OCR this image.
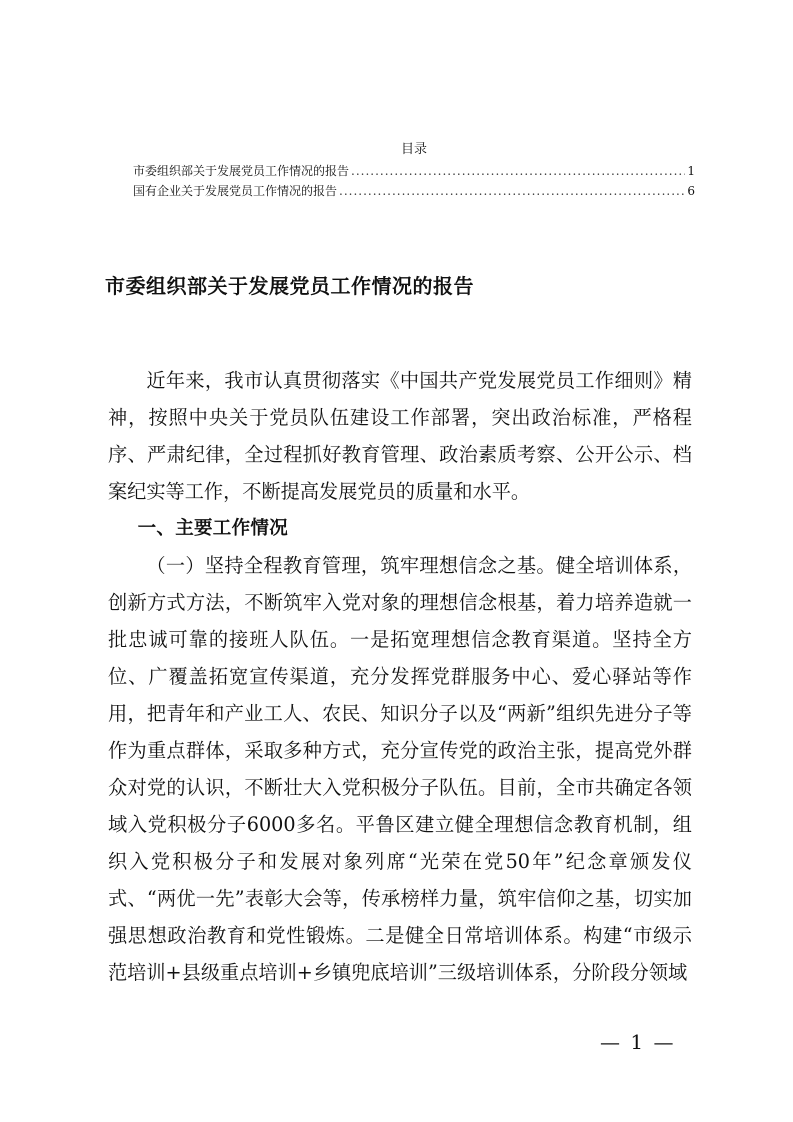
目录
市委组织部关于发展党员工作情况的报告 .....	1
国有企业关于发展党员工作情况的报告 .....	6
市委组织部关于发展党员工作情况的报告

近年来，我市认真贯彻落实《中国共产党发展党员工作细则》精神，按照中央关于党员队伍建设工作部署，突出政治标准，严格程序、严肃纪律，全过程抓好教育管理、政治素质考察、公开公示、档案纪实等工作，不断提高发展党员的质量和水平。

一、主要工作情况

（一）坚持全程教育管理，筑牢理想信念之基。健全培训体系，创新方式方法，不断筑牢入党对象的理想信念根基，着力培养造就一批忠诚可靠的接班人队伍。一是拓宽理想信念教育渠道。坚持全方位、广覆盖拓宽宣传渠道，充分发挥党群服务中心、爱心驿站等作用，把青年和产业工人、农民、知识分子以及“两新”组织先进分子等作为重点群体，采取多种方式，充分宣传党的政治主张，提高党外群众对党的认识，不断壮大入党积极分子队伍。目前，全市共确定各领域入党积极分子6000多名。平鲁区建立健全理想信念教育机制，组织入党积极分子和发展对象列席“光荣在党50年”纪念章颁发仪式、“两优一先”表彰大会等，传承榜样力量，筑牢信仰之基，切实加强思想政治教育和党性锻炼。二是健全日常培训体系。构建“市级示范培训+县级重点培训+乡镇兜底培训”三级培训体系，分阶段分领域

— 1 —
